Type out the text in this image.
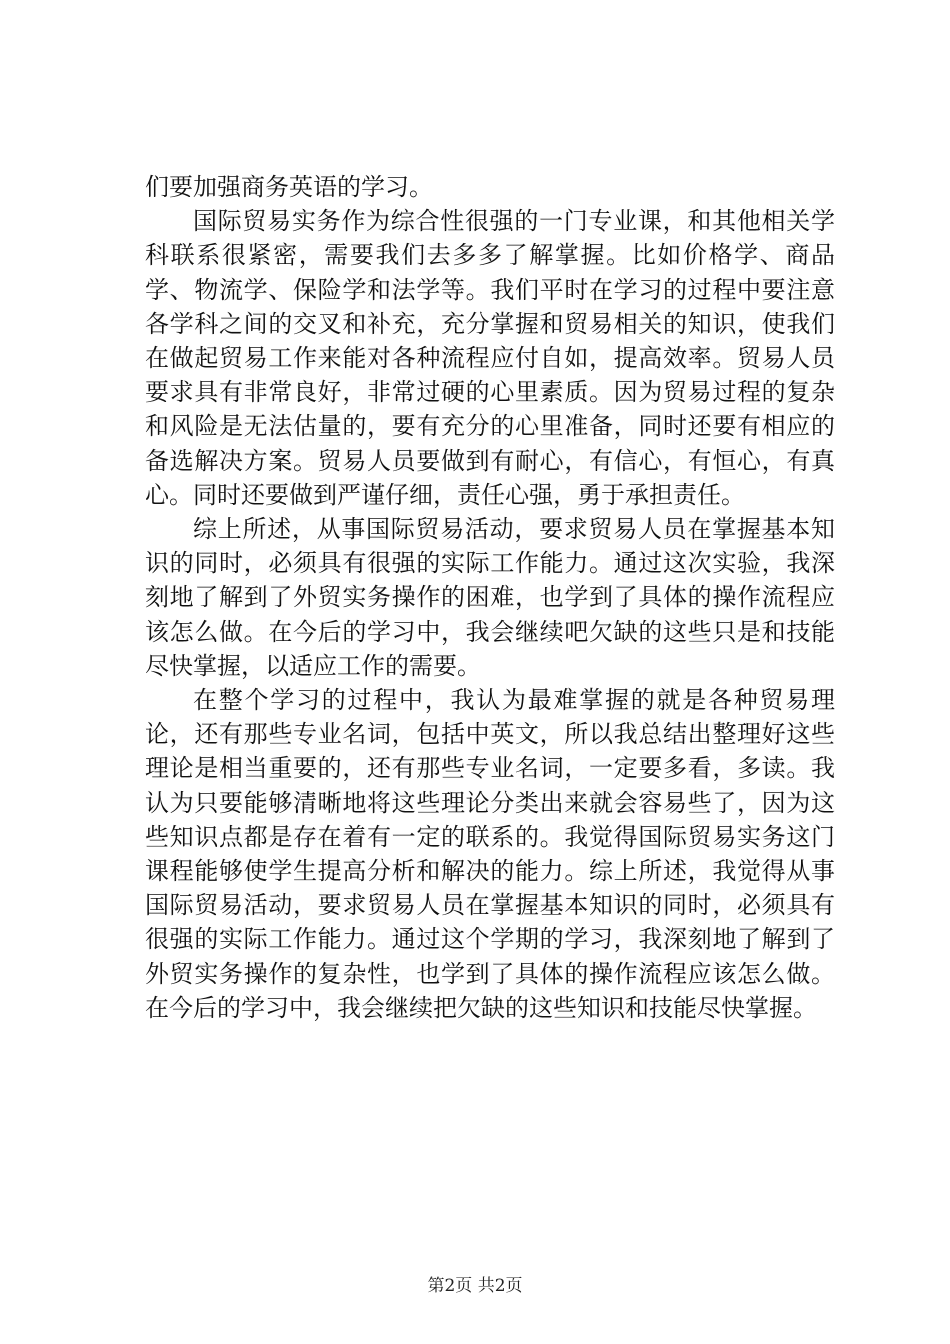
们要加强商务英语的学习。

国际贸易实务作为综合性很强的一门专业课，和其他相关学科联系很紧密，需要我们去多多了解掌握。比如价格学、商品学、物流学、保险学和法学等。我们平时在学习的过程中要注意各学科之间的交叉和补充，充分掌握和贸易相关的知识，使我们在做起贸易工作来能对各种流程应付自如，提高效率。贸易人员要求具有非常良好，非常过硬的心里素质。因为贸易过程的复杂和风险是无法估量的，要有充分的心里准备，同时还要有相应的备选解决方案。贸易人员要做到有耐心，有信心，有恒心，有真心。同时还要做到严谨仔细，责任心强，勇于承担责任。

综上所述，从事国际贸易活动，要求贸易人员在掌握基本知识的同时，必须具有很强的实际工作能力。通过这次实验，我深刻地了解到了外贸实务操作的困难，也学到了具体的操作流程应该怎么做。在今后的学习中，我会继续吧欠缺的这些只是和技能尽快掌握，以适应工作的需要。

在整个学习的过程中，我认为最难掌握的就是各种贸易理论，还有那些专业名词，包括中英文，所以我总结出整理好这些理论是相当重要的，还有那些专业名词，一定要多看，多读。我认为只要能够清晰地将这些理论分类出来就会容易些了，因为这些知识点都是存在着有一定的联系的。我觉得国际贸易实务这门课程能够使学生提高分析和解决的能力。综上所述，我觉得从事国际贸易活动，要求贸易人员在掌握基本知识的同时，必须具有很强的实际工作能力。通过这个学期的学习，我深刻地了解到了外贸实务操作的复杂性，也学到了具体的操作流程应该怎么做。在今后的学习中，我会继续把欠缺的这些知识和技能尽快掌握。

第2页 共2页
